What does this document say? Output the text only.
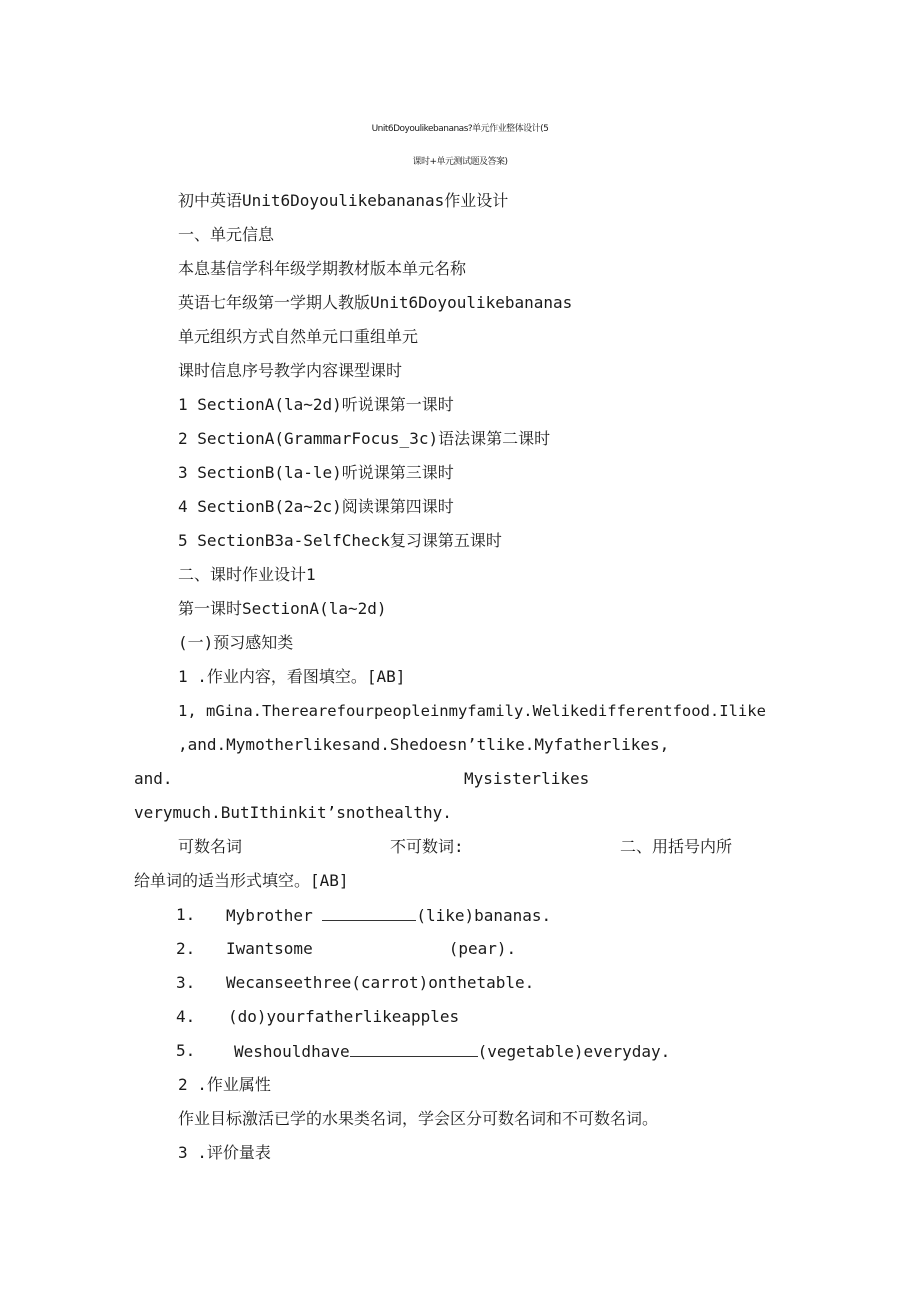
Unit6Doyoulikebananas?单元作业整体设计(5
课时+单元测试题及答案)
初中英语Unit6Doyoulikebananas作业设计
一、单元信息
本息基信学科年级学期教材版本单元名称
英语七年级第一学期人教版Unit6Doyoulikebananas
单元组织方式自然单元口重组单元
课时信息序号教学内容课型课时
1 SectionA(la~2d)听说课第一课时
2 SectionA(GrammarFocus_3c)语法课第二课时
3 SectionB(la-le)听说课第三课时
4 SectionB(2a~2c)阅读课第四课时
5 SectionB3a-SelfCheck复习课第五课时
二、课时作业设计1
第一课时SectionA(la~2d)
(一)预习感知类
1 .作业内容，看图填空。[AB]
1, mGina.Therearefourpeopleinmyfamily.Welikedifferentfood.Ilike
,and.Mymotherlikesand.Shedoesn’tlike.Myfatherlikes,
and.	Mysisterlikes
verymuch.ButIthinkit’snothealthy.
可数名词	不可数词:	二、用括号内所
给单词的适当形式填空。[AB]
1. Mybrother	(like)bananas.
2. Iwantsome	(pear).
3. Wecanseethree(carrot)onthetable.
4. (do)yourfatherlikeapples
5. Weshouldhave	(vegetable)everyday.
2 .作业属性
作业目标激活已学的水果类名词，学会区分可数名词和不可数名词。
3 .评价量表
